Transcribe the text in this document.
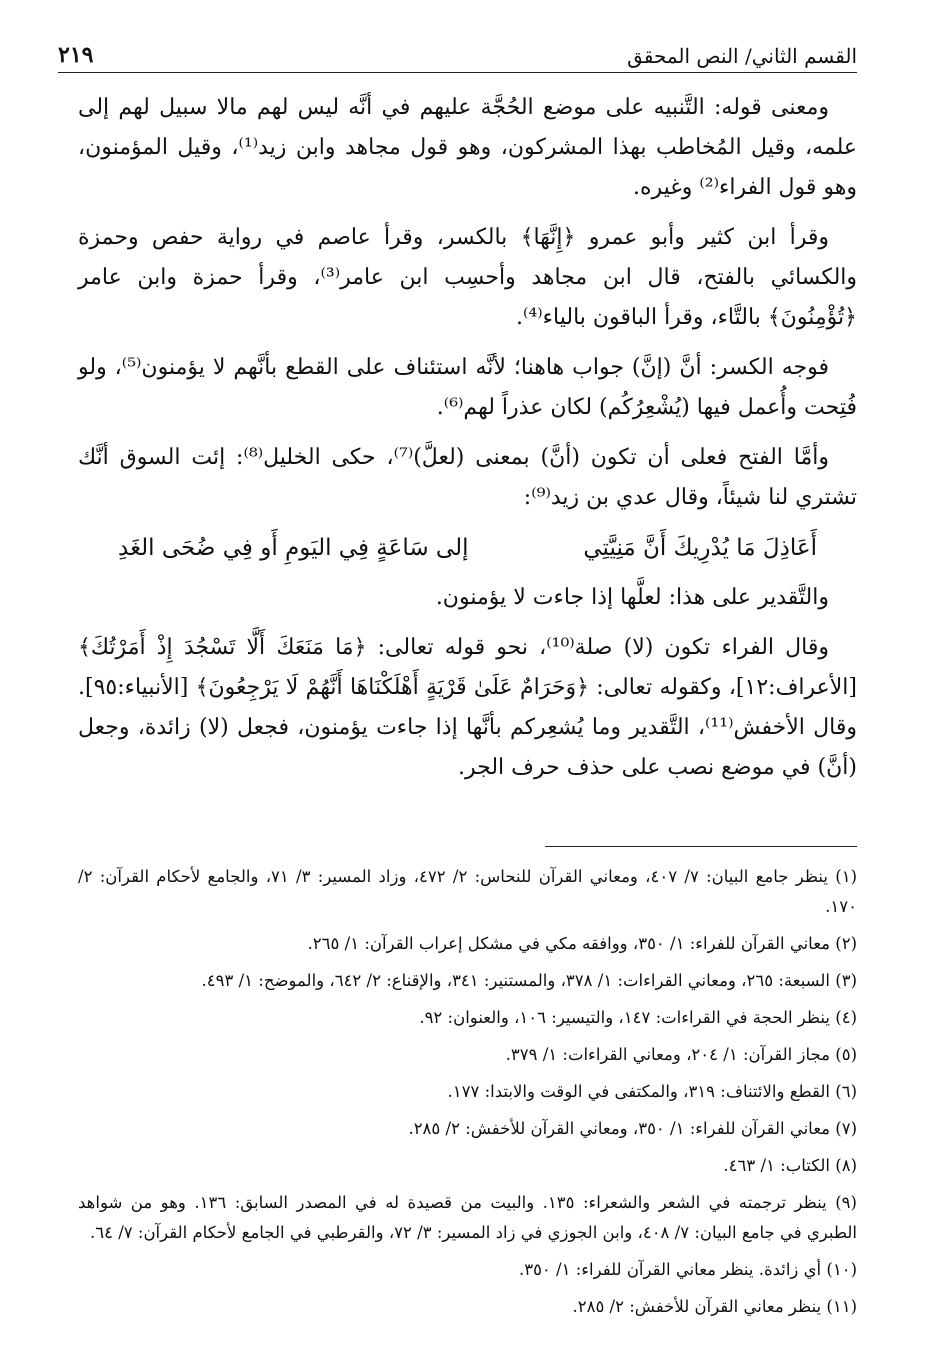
٢١٩	القسم الثاني/ النص المحقق

ومعنى قوله: التَّنبيه على موضع الحُجَّة عليهم في أنَّه ليس لهم مالا سبيل لهم إلى علمه، وقيل المُخاطب بهذا المشركون، وهو قول مجاهد وابن زيد⁽¹⁾، وقيل المؤمنون، وهو قول الفراء⁽²⁾ وغيره.

وقرأ ابن كثير وأبو عمرو ﴿إِنَّهَا﴾ بالكسر، وقرأ عاصم في رواية حفص وحمزة والكسائي بالفتح، قال ابن مجاهد وأحسِب ابن عامر⁽³⁾، وقرأ حمزة وابن عامر ﴿تُؤْمِنُونَ﴾ بالتَّاء، وقرأ الباقون بالياء⁽⁴⁾.

فوجه الكسر: أنَّ (إنَّ) جواب هاهنا؛ لأنَّه استئناف على القطع بأنَّهم لا يؤمنون⁽⁵⁾، ولو فُتِحت وأُعمل فيها (يُشْعِرُكُم) لكان عذراً لهم⁽⁶⁾.

وأمَّا الفتح فعلى أن تكون (أنَّ) بمعنى (لعلَّ)⁽⁷⁾، حكى الخليل⁽⁸⁾: إئت السوق أنَّك تشتري لنا شيئاً، وقال عدي بن زيد⁽⁹⁾:

أَعَاذِلَ مَا يُدْرِيكَ أَنَّ مَنِيَّتِي
إلى سَاعَةٍ فِي اليَومِ أَو فِي ضُحَى الغَدِ

والتَّقدير على هذا: لعلَّها إذا جاءت لا يؤمنون.

وقال الفراء تكون (لا) صلة⁽¹⁰⁾، نحو قوله تعالى: ﴿مَا مَنَعَكَ أَلَّا تَسْجُدَ إِذْ أَمَرْتُكَ﴾ [الأعراف:١٢]، وكقوله تعالى: ﴿وَحَرَامٌ عَلَىٰ قَرْيَةٍ أَهْلَكْنَاهَا أَنَّهُمْ لَا يَرْجِعُونَ﴾ [الأنبياء:٩٥]. وقال الأخفش⁽¹¹⁾، التَّقدير وما يُشعِركم بأنَّها إذا جاءت يؤمنون، فجعل (لا) زائدة، وجعل (أنَّ) في موضع نصب على حذف حرف الجر.

(١) ينظر جامع البيان: ٧/ ٤٠٧، ومعاني القرآن للنحاس: ٢/ ٤٧٢، وزاد المسير: ٣/ ٧١، والجامع لأحكام القرآن: ٢/ ١٧٠.
(٢) معاني القرآن للفراء: ١/ ٣٥٠، ووافقه مكي في مشكل إعراب القرآن: ١/ ٢٦٥.
(٣) السبعة: ٢٦٥، ومعاني القراءات: ١/ ٣٧٨، والمستنير: ٣٤١، والإقناع: ٢/ ٦٤٢، والموضح: ١/ ٤٩٣.
(٤) ينظر الحجة في القراءات: ١٤٧، والتيسير: ١٠٦، والعنوان: ٩٢.
(٥) مجاز القرآن: ١/ ٢٠٤، ومعاني القراءات: ١/ ٣٧٩.
(٦) القطع والائتناف: ٣١٩، والمكتفى في الوقت والابتدا: ١٧٧.
(٧) معاني القرآن للفراء: ١/ ٣٥٠، ومعاني القرآن للأخفش: ٢/ ٢٨٥.
(٨) الكتاب: ١/ ٤٦٣.
(٩) ينظر ترجمته في الشعر والشعراء: ١٣٥. والبيت من قصيدة له في المصدر السابق: ١٣٦. وهو من شواهد الطبري في جامع البيان: ٧/ ٤٠٨، وابن الجوزي في زاد المسير: ٣/ ٧٢، والقرطبي في الجامع لأحكام القرآن: ٧/ ٦٤.
(١٠) أي زائدة. ينظر معاني القرآن للفراء: ١/ ٣٥٠.
(١١) ينظر معاني القرآن للأخفش: ٢/ ٢٨٥.
